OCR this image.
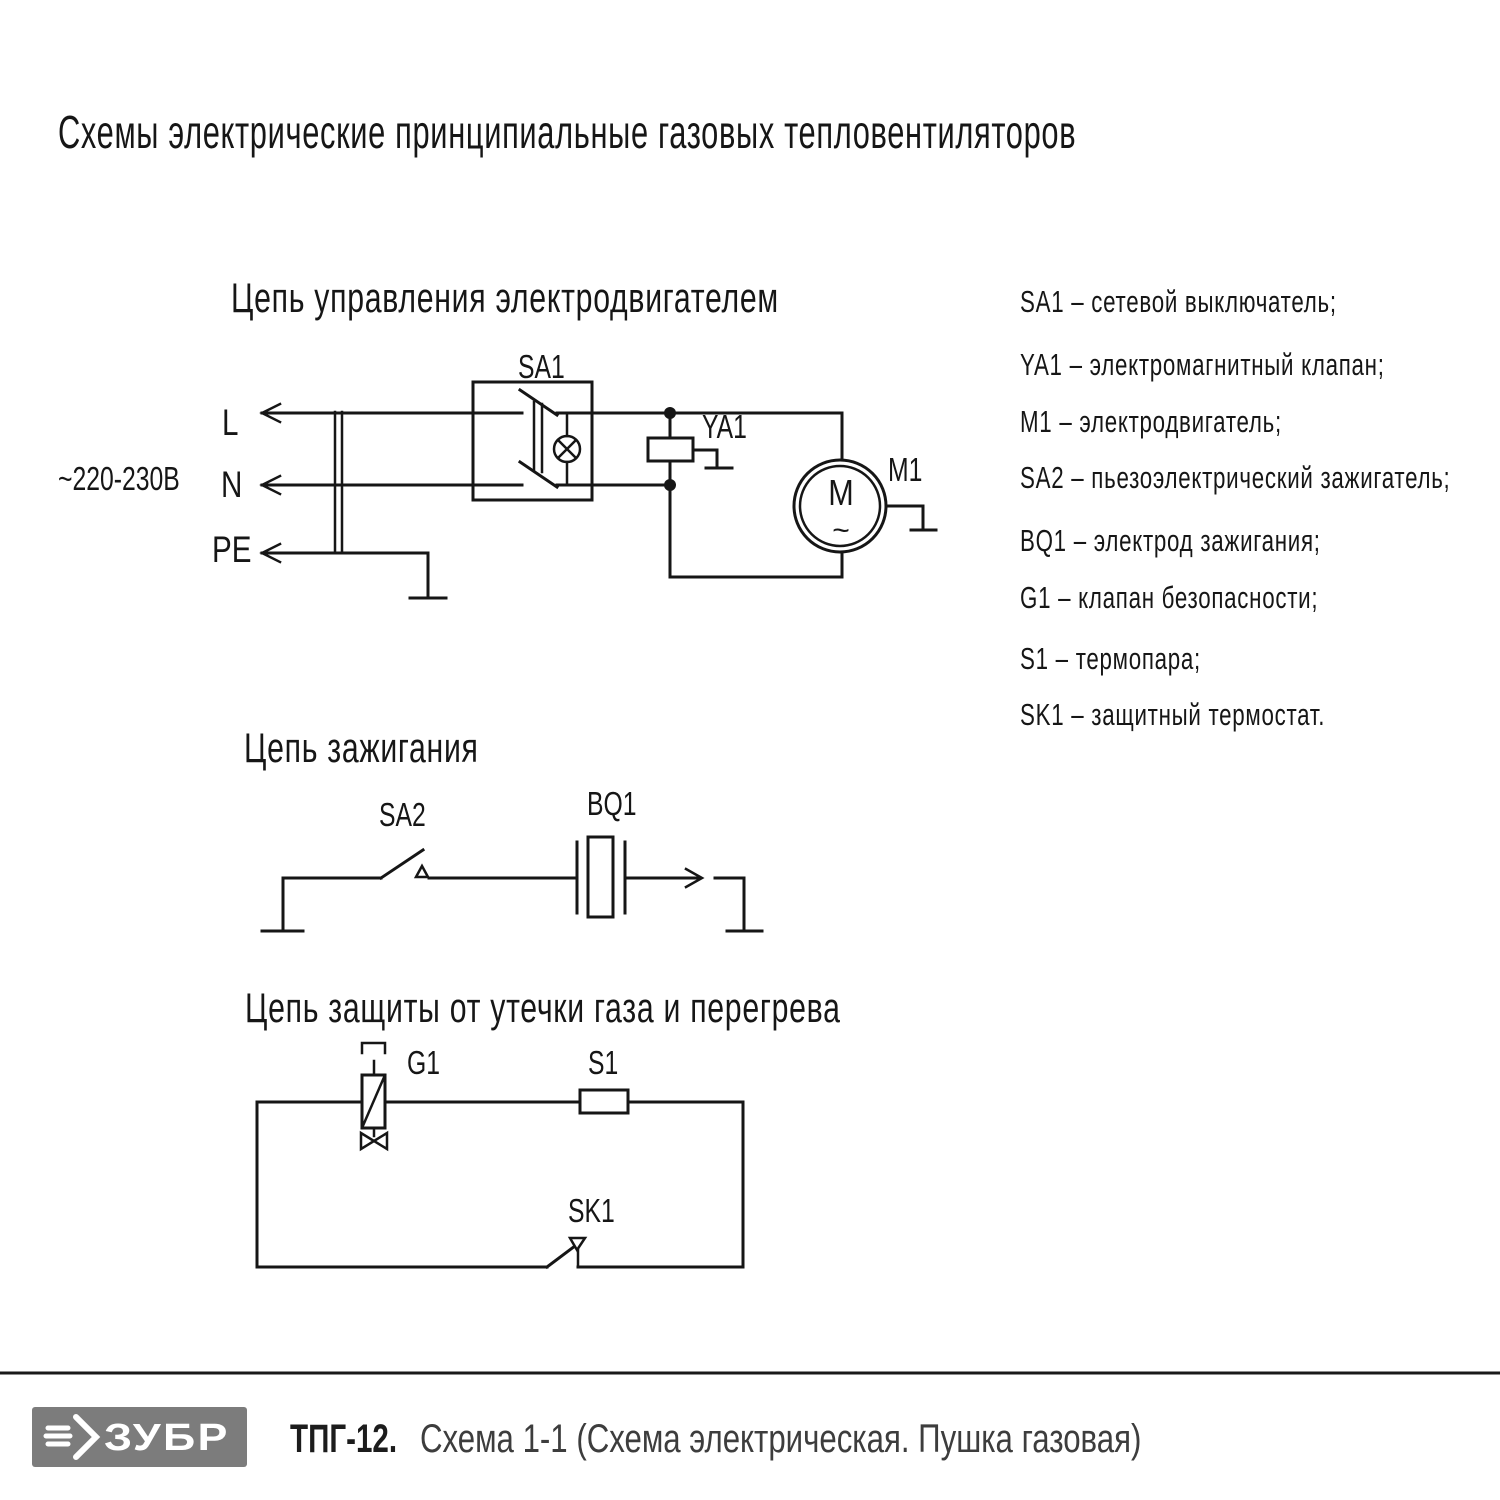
Схемы электрические принципиальные газовых тепловентиляторов
Цепь управления электродвигателем
~220-230В
L
N
PE
SA1
YA1
M1
M
~
Цепь зажигания
SA2	BQ1
Цепь защиты от утечки газа и перегрева
G1	S1
SK1
SA1 – сетевой выключатель;
YA1 – электромагнитный клапан;
M1 – электродвигатель;
SA2 – пьезоэлектрический зажигатель;
BQ1 – электрод зажигания;
G1 – клапан безопасности;
S1 – термопара;
SK1 – защитный термостат.
ЗУБР ТПГ-12. Схема 1-1 (Схема электрическая. Пушка газовая)
